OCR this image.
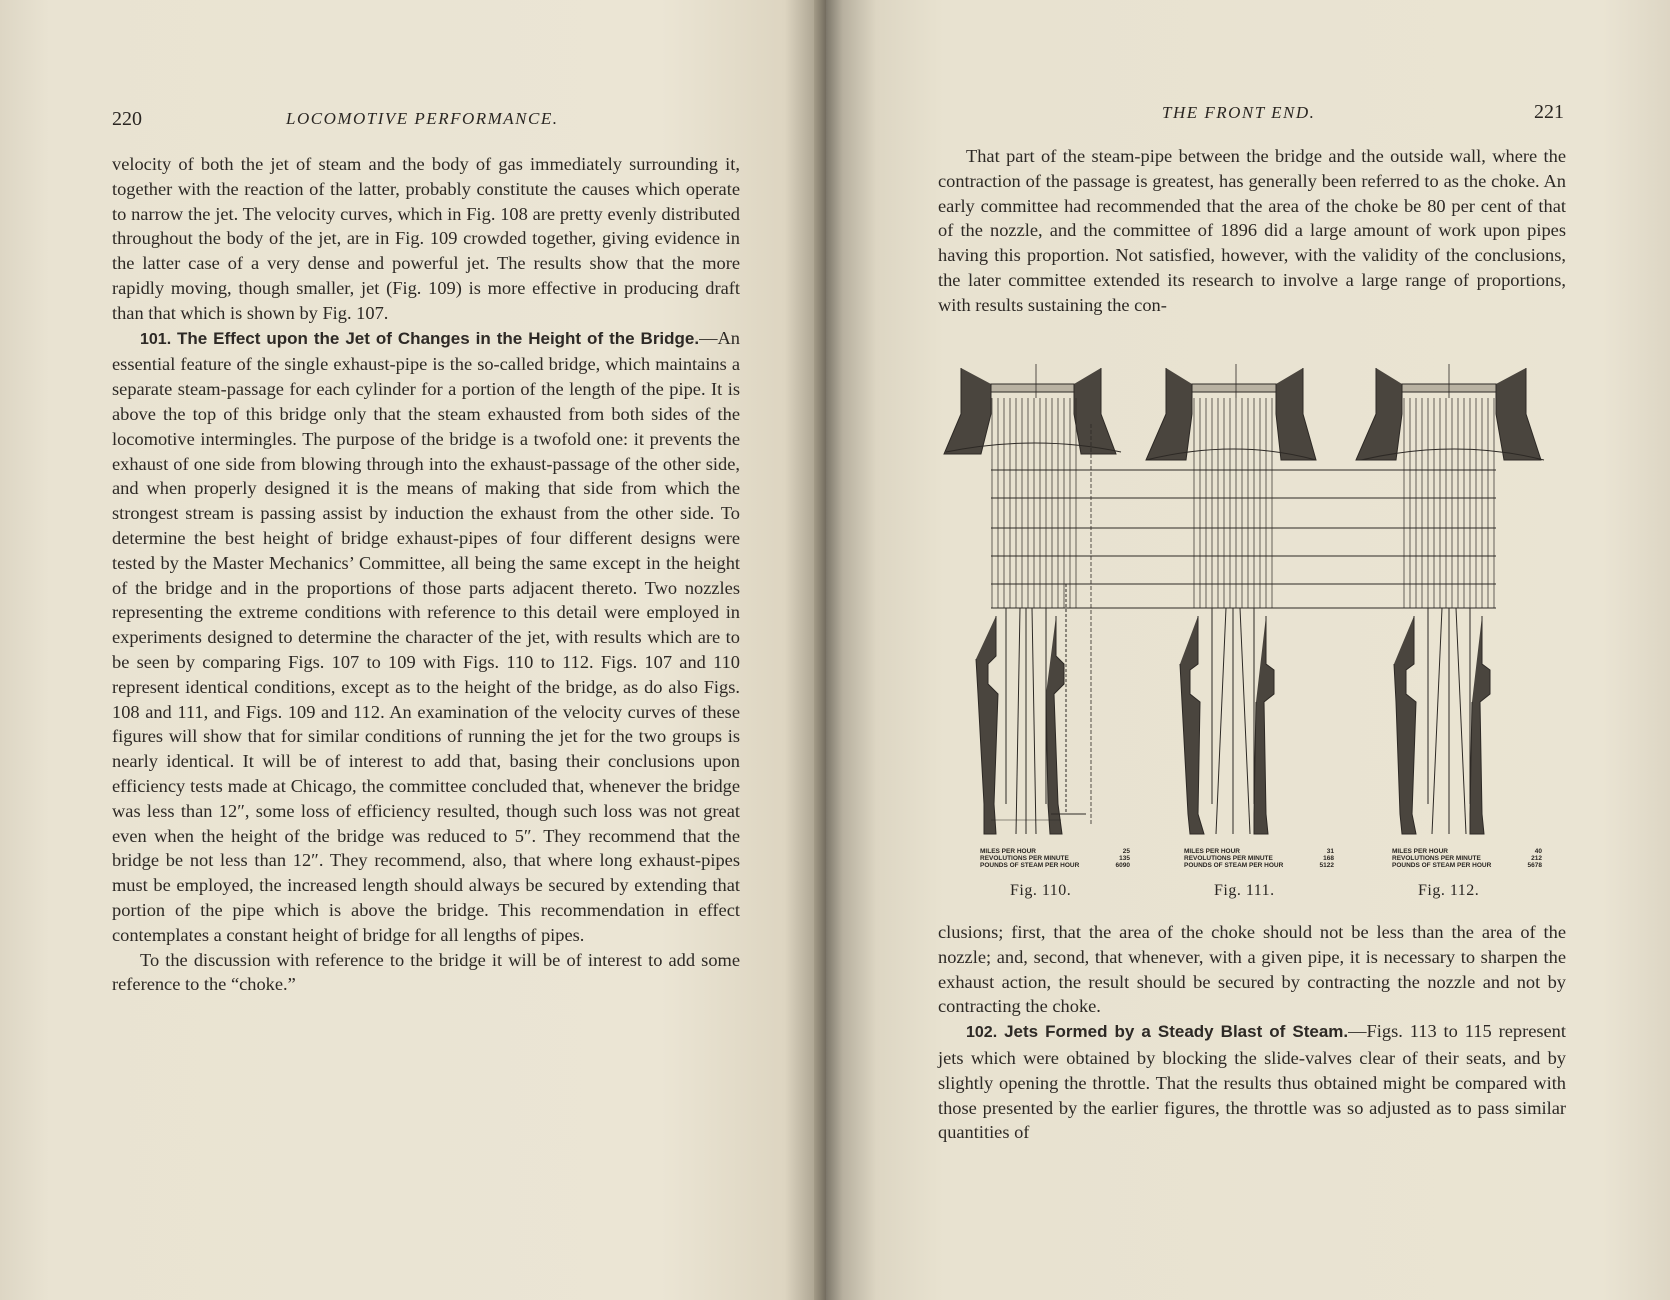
220	LOCOMOTIVE PERFORMANCE.

velocity of both the jet of steam and the body of gas immediately surrounding it, together with the reaction of the latter, probably constitute the causes which operate to narrow the jet. The velocity curves, which in Fig. 108 are pretty evenly distributed throughout the body of the jet, are in Fig. 109 crowded together, giving evidence in the latter case of a very dense and powerful jet. The results show that the more rapidly moving, though smaller, jet (Fig. 109) is more effective in producing draft than that which is shown by Fig. 107.

101. The Effect upon the Jet of Changes in the Height of the Bridge.—An essential feature of the single exhaust-pipe is the so-called bridge, which maintains a separate steam-passage for each cylinder for a portion of the length of the pipe. It is above the top of this bridge only that the steam exhausted from both sides of the locomotive intermingles. The purpose of the bridge is a twofold one: it prevents the exhaust of one side from blowing through into the exhaust-passage of the other side, and when properly designed it is the means of making that side from which the strongest stream is passing assist by induction the exhaust from the other side. To determine the best height of bridge exhaust-pipes of four different designs were tested by the Master Mechanics’ Committee, all being the same except in the height of the bridge and in the proportions of those parts adjacent thereto. Two nozzles representing the extreme conditions with reference to this detail were employed in experiments designed to determine the character of the jet, with results which are to be seen by comparing Figs. 107 to 109 with Figs. 110 to 112. Figs. 107 and 110 represent identical conditions, except as to the height of the bridge, as do also Figs. 108 and 111, and Figs. 109 and 112. An examination of the velocity curves of these figures will show that for similar conditions of running the jet for the two groups is nearly identical. It will be of interest to add that, basing their conclusions upon efficiency tests made at Chicago, the committee concluded that, whenever the bridge was less than 12″, some loss of efficiency resulted, though such loss was not great even when the height of the bridge was reduced to 5″. They recommend that the bridge be not less than 12″. They recommend, also, that where long exhaust-pipes must be employed, the increased length should always be secured by extending that portion of the pipe which is above the bridge. This recommendation in effect contemplates a constant height of bridge for all lengths of pipes.

To the discussion with reference to the bridge it will be of interest to add some reference to the “choke.”

THE FRONT END.	221

That part of the steam-pipe between the bridge and the outside wall, where the contraction of the passage is greatest, has generally been referred to as the choke. An early committee had recommended that the area of the choke be 80 per cent of that of the nozzle, and the committee of 1896 did a large amount of work upon pipes having this proportion. Not satisfied, however, with the validity of the conclusions, the later committee extended its research to involve a large range of proportions, with results sustaining the con-

clusions; first, that the area of the choke should not be less than the area of the nozzle; and, second, that whenever, with a given pipe, it is necessary to sharpen the exhaust action, the result should be secured by contracting the nozzle and not by contracting the choke.

102. Jets Formed by a Steady Blast of Steam.—Figs. 113 to 115 represent jets which were obtained by blocking the slide-valves clear of their seats, and by slightly opening the throttle. That the results thus obtained might be compared with those presented by the earlier figures, the throttle was so adjusted as to pass similar quantities of

MILES PER HOUR	25
REVOLUTIONS PER MINUTE	135
POUNDS OF STEAM PER HOUR	6090
MILES PER HOUR	31
REVOLUTIONS PER MINUTE	168
POUNDS OF STEAM PER HOUR	5122
MILES PER HOUR	40
REVOLUTIONS PER MINUTE	212
POUNDS OF STEAM PER HOUR	5678
Fig. 110.	Fig. 111.	Fig. 112.
